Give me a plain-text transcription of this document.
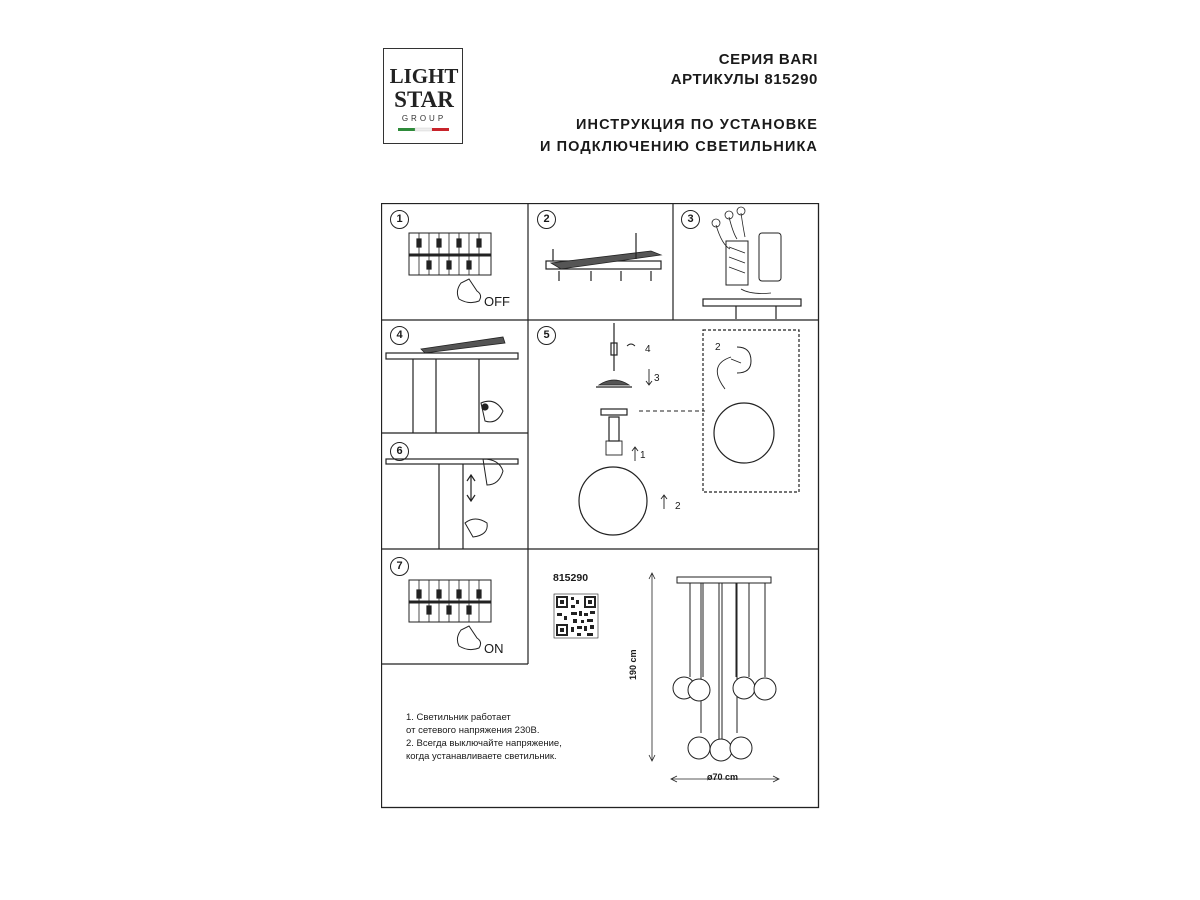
LIGHT
STAR
GROUP
СЕРИЯ BARI
АРТИКУЛЫ 815290
ИНСТРУКЦИЯ ПО УСТАНОВКЕ
И ПОДКЛЮЧЕНИЮ СВЕТИЛЬНИКА
1	2	3
4	5
6
7
OFF
ON
4
3
1
2
2
815290
190 cm
ø70 cm
1. Светильник работает
от сетевого напряжения 230В.
2. Всегда выключайте напряжение,
когда устанавливаете светильник.
